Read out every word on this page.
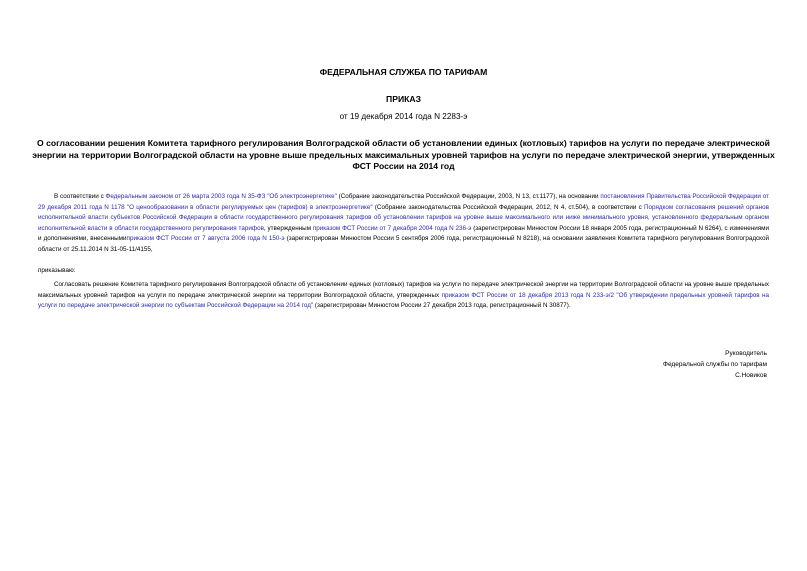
ФЕДЕРАЛЬНАЯ СЛУЖБА ПО ТАРИФАМ
ПРИКАЗ
от 19 декабря 2014 года N 2283-э
О согласовании решения Комитета тарифного регулирования Волгоградской области об установлении единых (котловых) тарифов на услуги по передаче электрической энергии на территории Волгоградской области на уровне выше предельных максимальных уровней тарифов на услуги по передаче электрической энергии, утвержденных ФСТ России на 2014 год
В соответствии с Федеральным законом от 26 марта 2003 года N 35-ФЗ "Об электроэнергетике" (Собрание законодательства Российской Федерации, 2003, N 13, ст.1177), на основании постановления Правительства Российской Федерации от 29 декабря 2011 года N 1178 "О ценообразовании в области регулируемых цен (тарифов) в электроэнергетике" (Собрание законодательства Российской Федерации, 2012, N 4, ст.504), в соответствии с Порядком согласования решений органов исполнительной власти субъектов Российской Федерации в области государственного регулирования тарифов об установлении тарифов на уровне выше максимального или ниже минимального уровня, установленного федеральным органом исполнительной власти в области государственного регулирования тарифов, утвержденным приказом ФСТ России от 7 декабря 2004 года N 236-э (зарегистрирован Минюстом России 18 января 2005 года, регистрационный N 6264), с изменениями и дополнениями, внесеннымиприказом ФСТ России от 7 августа 2006 года N 150-э (зарегистрирован Минюстом России 5 сентября 2006 года, регистрационный N 8218), на основании заявления Комитета тарифного регулирования Волгоградской области от 25.11.2014 N 31-05-11/4155,
приказываю:
Согласовать решение Комитета тарифного регулирования Волгоградской области об установлении единых (котловых) тарифов на услуги по передаче электрической энергии на территории Волгоградской области на уровне выше предельных максимальных уровней тарифов на услуги по передаче электрической энергии на территории Волгоградской области, утвержденных приказом ФСТ России от 18 декабря 2013 года N 233-э/2 "Об утверждении предельных уровней тарифов на услуги по передаче электрической энергии по субъектам Российской Федерации на 2014 год" (зарегистрирован Минюстом России 27 декабря 2013 года, регистрационный N 30877).
Руководитель
Федеральной службы по тарифам
С.Новиков
